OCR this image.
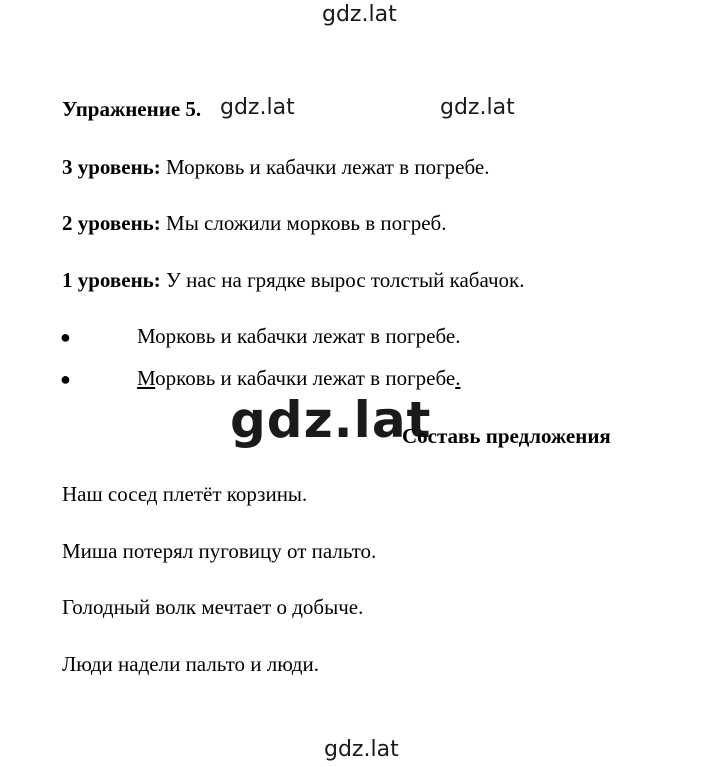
gdz.lat
gdz.lat	gdz.lat
gdz.lat
gdz.lat
Упражнение 5.
3 уровень: Морковь и кабачки лежат в погребе.
2 уровень: Мы сложили морковь в погреб.
1 уровень: У нас на грядке вырос толстый кабачок.
●	Морковь и кабачки лежат в погребе.
●	Морковь и кабачки лежат в погребе.
Составь предложения
Наш сосед плетёт корзины.
Миша потерял пуговицу от пальто.
Голодный волк мечтает о добыче.
Люди надели пальто и люди.
